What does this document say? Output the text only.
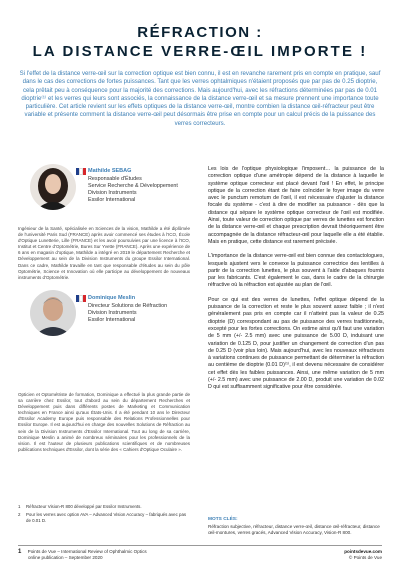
RÉFRACTION :
LA DISTANCE VERRE-ŒIL IMPORTE !

Si l'effet de la distance verre-œil sur la correction optique est bien connu, il est en revanche rarement pris en compte en pratique, sauf dans le cas des corrections de fortes puissances. Tant que les verres ophtalmiques n'étaient proposés que par pas de 0.25 dioptrie, cela prêtait peu à conséquence pour la majorité des corrections. Mais aujourd'hui, avec les réfractions déterminées par pas de 0.01 dioptrie⁽¹⁾ et les verres qui leurs sont associés, la connaissance de la distance verre-œil et sa mesure prennent une importance toute particulière. Cet article revient sur les effets optiques de la distance verre-œil, montre combien la distance œil-réfracteur peut être variable et présente comment la distance verre-œil peut désormais être prise en compte pour un calcul précis de la puissance des verres correcteurs.

Mathilde SEBAG
Responsable d'Études
Service Recherche & Développement
Division Instruments
Essilor International

Ingénieur de la Santé, spécialisée en Sciences de la vision, Mathilde a été diplômée de l'université Paris Sud (FRANCE) après avoir commencé ses études à l'ICO, École d'Optique Lunetterie, Lille (FRANCE) et les avoir poursuivies par une licence à l'ICO, Institut et Centre d'Optométrie, Bures Sur Yvette (FRANCE). Après une expérience de 6 ans en magasin d'optique, Mathilde a intégré en 2019 le département Recherche et Développement au sein de la Division Instruments du groupe Essilor International. Dans ce cadre, Mathilde travaille en tant que responsable d'études au sein du pôle Optométrie, Science et Innovation où elle participe au développement de nouveaux instruments d'Optométrie.

Dominique Meslin
Directeur Solutions de Réfraction
Division Instruments
Essilor International

Opticien et Optométriste de formation, Dominique a effectué la plus grande partie de sa carrière chez Essilor, tout d'abord au sein du département Recherches et Développement puis dans différents postes de Marketing et Communication techniques en France ainsi qu'aux États-Unis. Il a été pendant 10 ans le Directeur d'Essilor Academy Europe puis responsable des Relations Professionnelles pour Essilor Europe. Il est aujourd'hui en charge des nouvelles Solutions de Réfraction au sein de la Division Instruments d'Essilor International. Tout au long de sa carrière, Dominique Meslin a animé de nombreux séminaires pour les professionnels de la vision. Il est l'auteur de plusieurs publications scientifiques et de nombreuses publications techniques d'Essilor, dont la série des « Cahiers d'Optique Oculaire ».

1	Réfracteur Vision-R 800 développé par Essilor Instruments.
2	Pour les verres avec option AVA – Advanced Vision Accuracy – fabriqués avec pas de 0.01 D.

Les lois de l'optique physiologique l'imposent… la puissance de la correction optique d'une amétropie dépend de la distance à laquelle le système optique correcteur est placé devant l'œil ! En effet, le principe optique de la correction étant de faire coïncider le foyer image du verre avec le punctum remotum de l'œil, il est nécessaire d'ajuster la distance focale du système - c'est à dire de modifier sa puissance - dès que la distance qui sépare le système optique correcteur de l'œil est modifiée. Ainsi, toute valeur de correction optique par verres de lunettes est fonction de la distance verre-œil et chaque prescription devrait théoriquement être accompagnée de la distance réfracteur-œil pour laquelle elle a été établie. Mais en pratique, cette distance est rarement précisée.

L'importance de la distance verre-œil est bien connue des contactologues, lesquels ajustent vers le convexe la puissance correctrice des lentilles à partir de la correction lunettes, le plus souvent à l'aide d'abaques fournis par les fabricants. C'est également le cas, dans le cadre de la chirurgie réfractive où la réfraction est ajustée au plan de l'œil.

Pour ce qui est des verres de lunettes, l'effet optique dépend de la puissance de la correction et reste le plus souvent assez faible ; il n'est généralement pas pris en compte car il n'atteint pas la valeur de 0.25 dioptrie (D) correspondant au pas de puissance des verres traditionnels, excepté pour les fortes corrections. On estime ainsi qu'il faut une variation de 5 mm (+/- 2.5 mm) avec une puissance de 5.00 D, induisant une variation de 0.125 D, pour justifier un changement de correction d'un pas de 0.25 D (voir plus loin). Mais aujourd'hui, avec les nouveaux réfracteurs à variations continues de puissance permettant de déterminer la réfraction au centième de dioptrie (0.01 D)⁽¹⁾, il est devenu nécessaire de considérer cet effet dès les faibles puissances. Ainsi, une même variation de 5 mm (+/- 2.5 mm) avec une puissance de 2.00 D, produit une variation de 0.02 D qui est suffisamment significative pour être considérée.

MOTS CLÉS:
Réfraction subjective, réfracteur, distance verre-œil, distance œil-réfracteur, distance œil-montures, verres gracés, Advanced Vision Accuracy, Vision-R 800.
1 Points de Vue – International Review of Ophthalmic Optics
online publication – September 2020
pointsdevue.com
© Points de Vue
